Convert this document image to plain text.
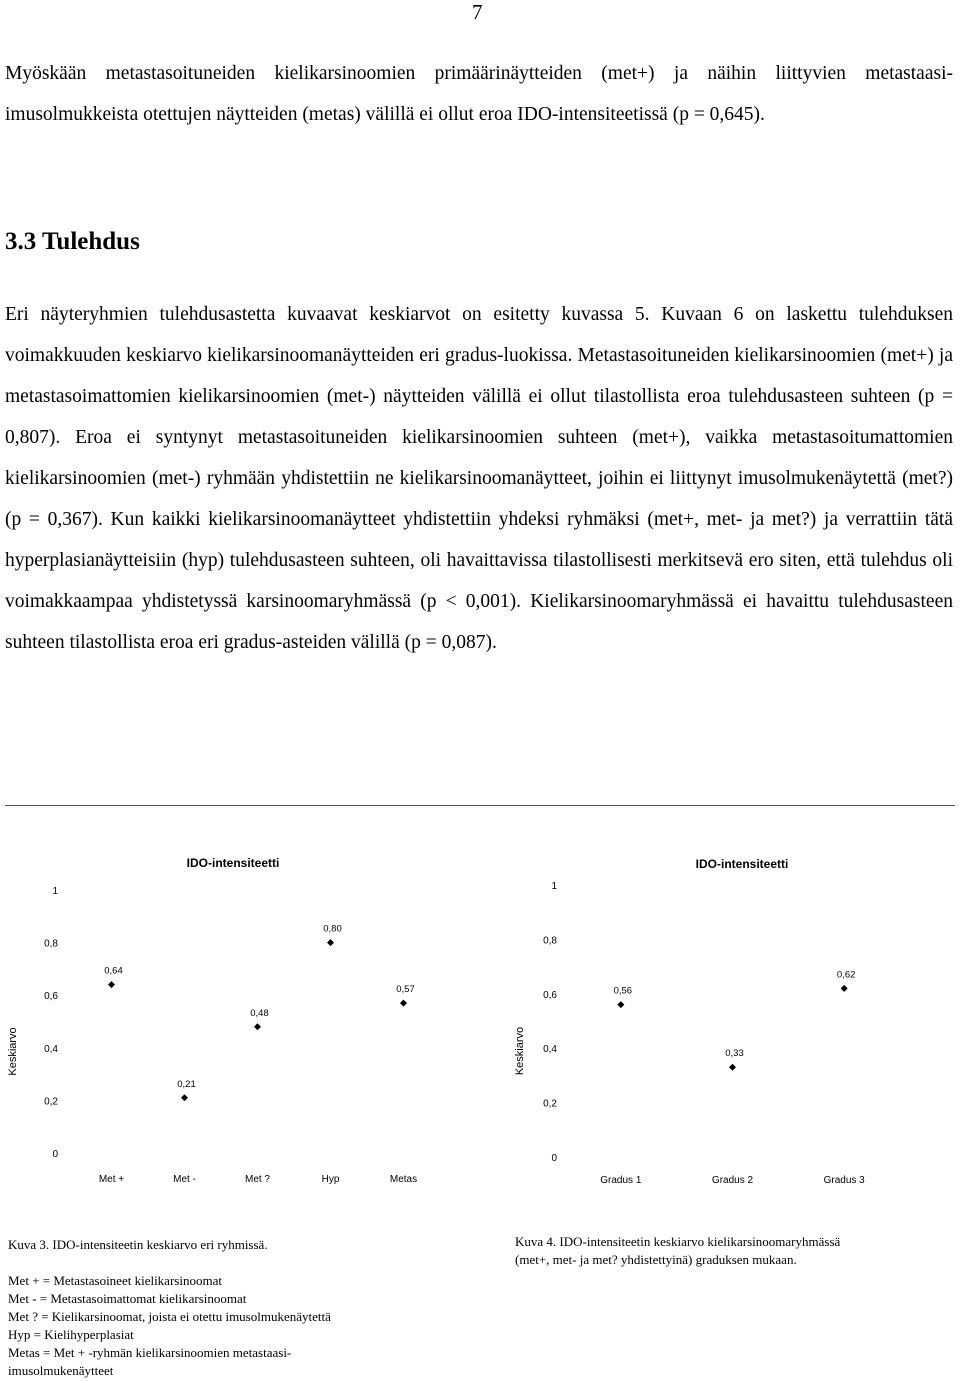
7

Myöskään metastasoituneiden kielikarsinoomien primäärinäytteiden (met+) ja näihin liittyvien metastaasi-imusolmukkeista otettujen näytteiden (metas) välillä ei ollut eroa IDO-intensiteetissä (p = 0,645).

3.3 Tulehdus

Eri näyteryhmien tulehdusastetta kuvaavat keskiarvot on esitetty kuvassa 5. Kuvaan 6 on laskettu tulehduksen voimakkuuden keskiarvo kielikarsinoomanäytteiden eri gradus-luokissa. Metastasoituneiden kielikarsinoomien (met+) ja metastasoimattomien kielikarsinoomien (met-) näytteiden välillä ei ollut tilastollista eroa tulehdusasteen suhteen (p = 0,807). Eroa ei syntynyt metastasoituneiden kielikarsinoomien suhteen (met+), vaikka metastasoitumattomien kielikarsinoomien (met-) ryhmään yhdistettiin ne kielikarsinoomanäytteet, joihin ei liittynyt imusolmukenäytettä (met?) (p = 0,367). Kun kaikki kielikarsinoomanäytteet yhdistettiin yhdeksi ryhmäksi (met+, met- ja met?) ja verrattiin tätä hyperplasianäytteisiin (hyp) tulehdusasteen suhteen, oli havaittavissa tilastollisesti merkitsevä ero siten, että tulehdus oli voimakkaampaa yhdistetyssä karsinoomaryhmässä (p < 0,001). Kielikarsinoomaryhmässä ei havaittu tulehdusasteen suhteen tilastollista eroa eri gradus-asteiden välillä (p = 0,087).

IDO-intensiteetti
Keskiarvo
0
0,2
0,4
0,6
0,8
1
Met +	Met -	Met ?	Hyp	Metas
0,64
0,21
0,48
0,80
0,57
IDO-intensiteetti
Keskiarvo
0
0,2
0,4
0,6
0,8
1
Gradus 1	Gradus 2	Gradus 3
0,56
0,33
0,62

Kuva 3. IDO-intensiteetin keskiarvo eri ryhmissä.

Met + = Metastasoineet kielikarsinoomat

Met - = Metastasoimattomat kielikarsinoomat

Met ? = Kielikarsinoomat, joista ei otettu imusolmukenäytettä

Hyp = Kielihyperplasiat

Metas = Met + -ryhmän kielikarsinoomien metastaasi-

imusolmukenäytteet

Kuva 4. IDO-intensiteetin keskiarvo kielikarsinoomaryhmässä

(met+, met- ja met? yhdistettyinä) graduksen mukaan.
